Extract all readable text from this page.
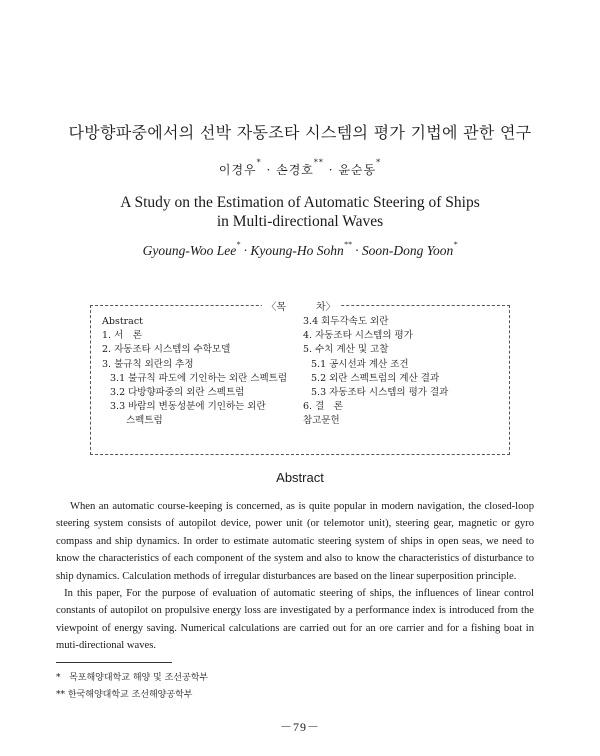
다방향파중에서의 선박 자동조타 시스템의 평가 기법에 관한 연구
이경우* · 손경호** · 윤순동*
A Study on the Estimation of Automatic Steering of Ships
in Multi-directional Waves
Gyoung-Woo Lee* · Kyoung-Ho Sohn** · Soon-Dong Yoon*
〈목　　　차〉
Abstract
1. 서　론
2. 자동조타 시스템의 수학모델
3. 불규칙 외란의 추정
3.1 불규칙 파도에 기인하는 외란 스펙트럼
3.2 다방향파중의 외란 스펙트럼
3.3 바람의 변동성분에 기인하는 외란
스펙트럼
3.4 회두각속도 외란
4. 자동조타 시스템의 평가
5. 수치 계산 및 고찰
5.1 공시선과 계산 조건
5.2 외란 스펙트럼의 계산 결과
5.3 자동조타 시스템의 평가 결과
6. 결　론
참고문헌
Abstract

When an automatic course-keeping is concerned, as is quite popular in modern navigation, the closed-loop steering system consists of autopilot device, power unit (or telemotor unit), steering gear, magnetic or gyro compass and ship dynamics. In order to estimate automatic steering system of ships in open seas, we need to know the characteristics of each component of the system and also to know the characteristics of disturbance to ship dynamics. Calculation methods of irregular disturbances are based on the linear superposition principle.

In this paper, For the purpose of evaluation of automatic steering of ships, the influences of linear control constants of autopilot on propulsive energy loss are investigated by a performance index is introduced from the viewpoint of energy saving. Numerical calculations are carried out for an ore carrier and for a fishing boat in muti-directional waves.

* 목포해양대학교 해양 및 조선공학부
** 한국해양대학교 조선해양공학부
－79－
